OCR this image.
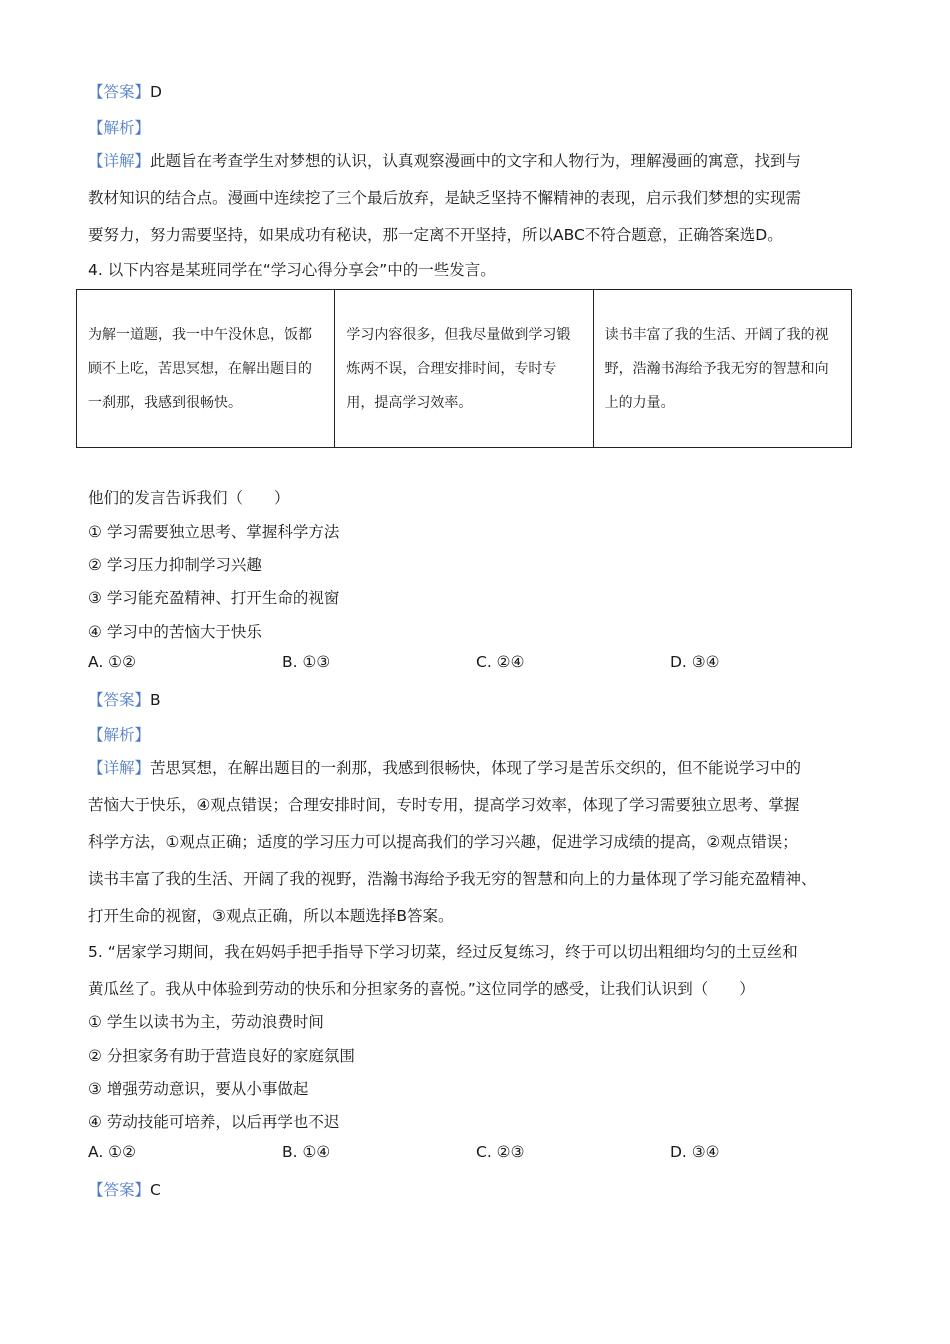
【答案】D
【解析】
【详解】此题旨在考查学生对梦想的认识，认真观察漫画中的文字和人物行为，理解漫画的寓意，找到与
教材知识的结合点。漫画中连续挖了三个最后放弃，是缺乏坚持不懈精神的表现，启示我们梦想的实现需
要努力，努力需要坚持，如果成功有秘诀，那一定离不开坚持，所以ABC不符合题意，正确答案选D。
4. 以下内容是某班同学在“学习心得分享会”中的一些发言。
为解一道题，我一中午没休息，饭都顾不上吃，苦思冥想，在解出题目的一刹那，我感到很畅快。	学习内容很多，但我尽量做到学习锻炼两不误，合理安排时间，专时专用，提高学习效率。	读书丰富了我的生活、开阔了我的视野，浩瀚书海给予我无穷的智慧和向上的力量。
他们的发言告诉我们（　　）
① 学习需要独立思考、掌握科学方法
② 学习压力抑制学习兴趣
③ 学习能充盈精神、打开生命的视窗
④ 学习中的苦恼大于快乐
A. ①②	B. ①③	C. ②④	D. ③④
【答案】B
【解析】
【详解】苦思冥想，在解出题目的一刹那，我感到很畅快，体现了学习是苦乐交织的，但不能说学习中的
苦恼大于快乐，④观点错误；合理安排时间，专时专用，提高学习效率，体现了学习需要独立思考、掌握
科学方法，①观点正确；适度的学习压力可以提高我们的学习兴趣，促进学习成绩的提高，②观点错误；
读书丰富了我的生活、开阔了我的视野，浩瀚书海给予我无穷的智慧和向上的力量体现了学习能充盈精神、
打开生命的视窗，③观点正确，所以本题选择B答案。
5. “居家学习期间，我在妈妈手把手指导下学习切菜，经过反复练习，终于可以切出粗细均匀的土豆丝和
黄瓜丝了。我从中体验到劳动的快乐和分担家务的喜悦。”这位同学的感受，让我们认识到（　　）
① 学生以读书为主，劳动浪费时间
② 分担家务有助于营造良好的家庭氛围
③ 增强劳动意识，要从小事做起
④ 劳动技能可培养，以后再学也不迟
A. ①②	B. ①④	C. ②③	D. ③④
【答案】C
